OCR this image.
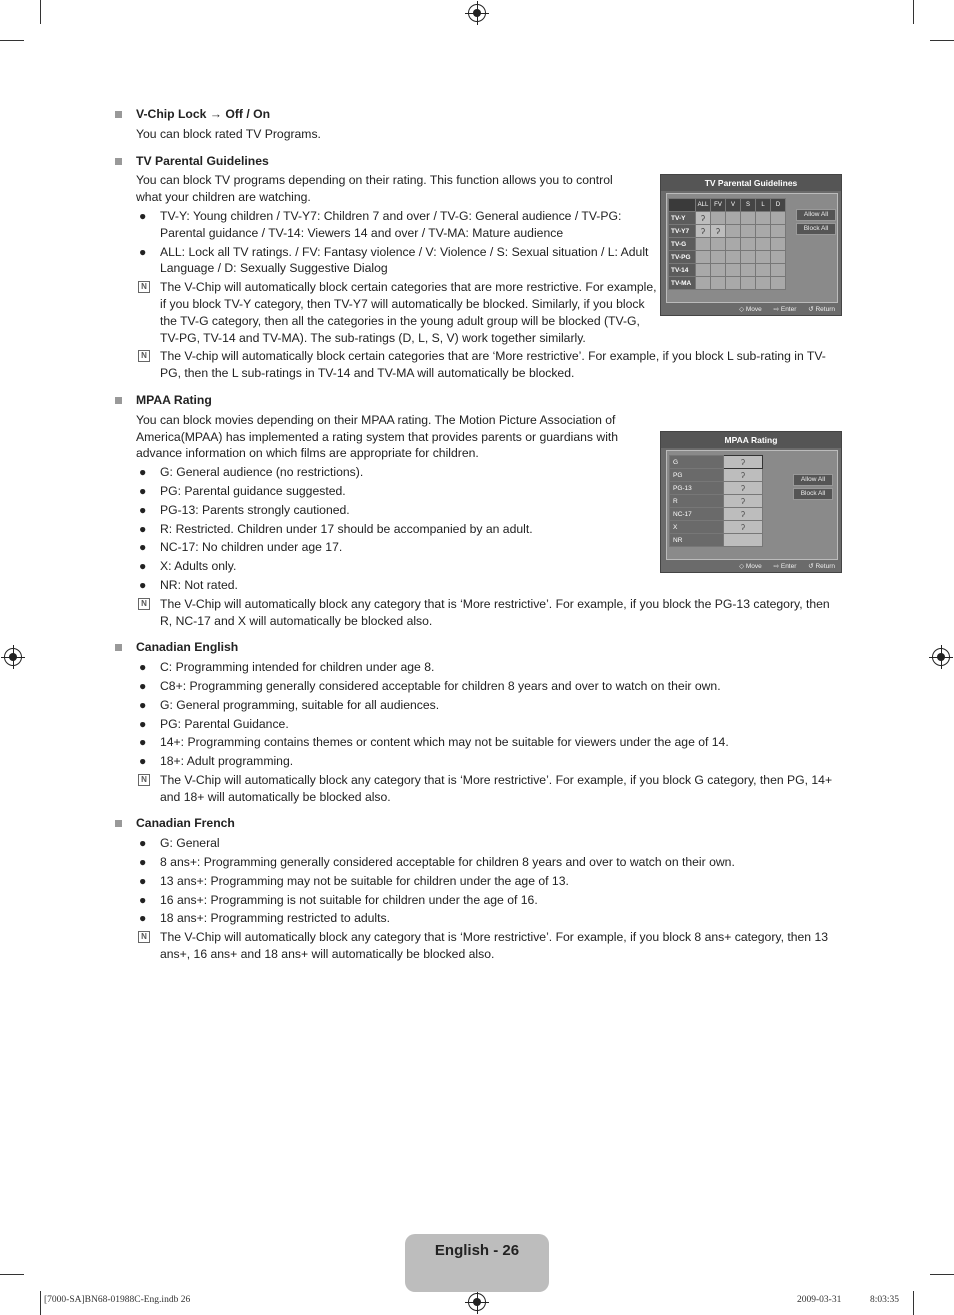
V-Chip Lock → Off / On
You can block rated TV Programs.
TV Parental Guidelines
You can block TV programs depending on their rating. This function allows you to control what your children are watching.
● TV-Y: Young children / TV-Y7: Children 7 and over / TV-G: General audience / TV-PG: Parental guidance / TV-14: Viewers 14 and over / TV-MA: Mature audience
● ALL: Lock all TV ratings. / FV: Fantasy violence / V: Violence / S: Sexual situation / L: Adult Language / D: Sexually Suggestive Dialog
N The V-Chip will automatically block certain categories that are more restrictive. For example, if you block TV-Y category, then TV-Y7 will automatically be blocked. Similarly, if you block the TV-G category, then all the categories in the young adult group will be blocked (TV-G, TV-PG, TV-14 and TV-MA). The sub-ratings (D, L, S, V) work together similarly.
N The V-chip will automatically block certain categories that are ‘More restrictive’. For example, if you block L sub-rating in TV-PG, then the L sub-ratings in TV-14 and TV-MA will automatically be blocked.
MPAA Rating
You can block movies depending on their MPAA rating. The Motion Picture Association of America(MPAA) has implemented a rating system that provides parents or guardians with advance information on which films are appropriate for children.
● G: General audience (no restrictions).
● PG: Parental guidance suggested.
● PG-13: Parents strongly cautioned.
● R: Restricted. Children under 17 should be accompanied by an adult.
● NC-17: No children under age 17.
● X: Adults only.
● NR: Not rated.
N The V-Chip will automatically block any category that is ‘More restrictive’. For example, if you block the PG-13 category, then R, NC-17 and X will automatically be blocked also.
Canadian English
● C: Programming intended for children under age 8.
● C8+: Programming generally considered acceptable for children 8 years and over to watch on their own.
● G: General programming, suitable for all audiences.
● PG: Parental Guidance.
● 14+: Programming contains themes or content which may not be suitable for viewers under the age of 14.
● 18+: Adult programming.
N The V-Chip will automatically block any category that is ‘More restrictive’. For example, if you block G category, then PG, 14+ and 18+ will automatically be blocked also.
Canadian French
● G: General
● 8 ans+: Programming generally considered acceptable for children 8 years and over to watch on their own.
● 13 ans+: Programming may not be suitable for children under the age of 13.
● 16 ans+: Programming is not suitable for children under the age of 16.
● 18 ans+: Programming restricted to adults.
N The V-Chip will automatically block any category that is ‘More restrictive’. For example, if you block 8 ans+ category, then 13 ans+, 16 ans+ and 18 ans+ will automatically be blocked also.
TV Parental Guidelines
	ALL	FV	V	S	L	D
TV-Y	ʔ					
TV-Y7	ʔ	ʔ				
TV-G						
TV-PG						
TV-14						
TV-MA						
Allow All
Block All
◇ Move ⇨ Enter ↺ Return
MPAA Rating
G	ʔ
PG	ʔ
PG-13	ʔ
R	ʔ
NC-17	ʔ
X	ʔ
NR	
Allow All
Block All
◇ Move ⇨ Enter ↺ Return
English - 26
[7000-SA]BN68-01988C-Eng.indb 26	2009-03-31	8:03:35
